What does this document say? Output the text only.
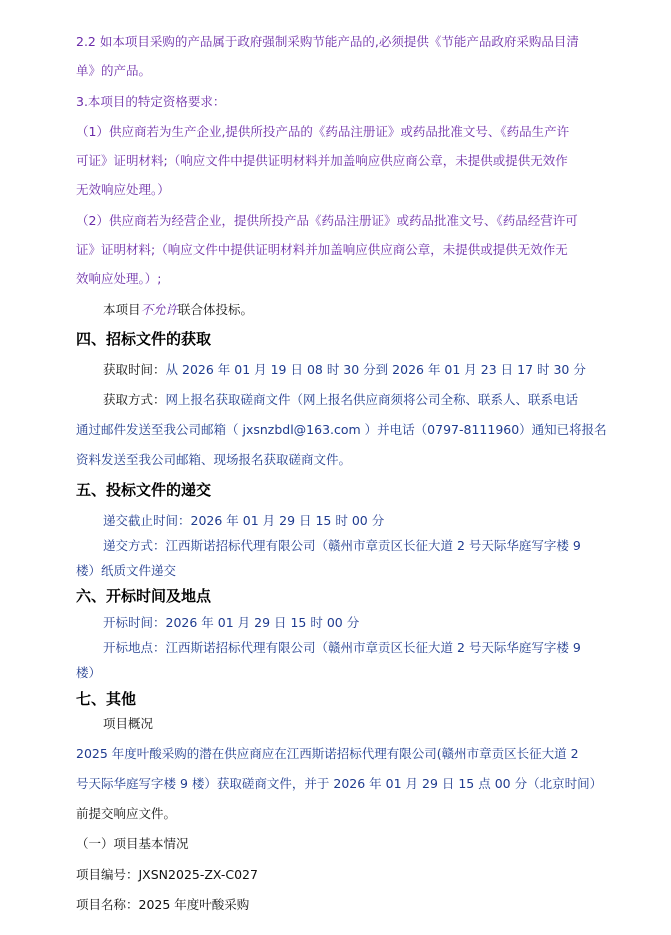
2.2 如本项目采购的产品属于政府强制采购节能产品的,必须提供《节能产品政府采购品目清
单》的产品。
3.本项目的特定资格要求：
（1）供应商若为生产企业,提供所投产品的《药品注册证》或药品批准文号、《药品生产许
可证》证明材料;（响应文件中提供证明材料并加盖响应供应商公章，未提供或提供无效作
无效响应处理。）
（2）供应商若为经营企业，提供所投产品《药品注册证》或药品批准文号、《药品经营许可
证》证明材料;（响应文件中提供证明材料并加盖响应供应商公章，未提供或提供无效作无
效响应处理。）;
本项目不允许联合体投标。
四、招标文件的获取
获取时间：从 2026 年 01 月 19 日 08 时 30 分到 2026 年 01 月 23 日 17 时 30 分
获取方式：网上报名获取磋商文件（网上报名供应商须将公司全称、联系人、联系电话
通过邮件发送至我公司邮箱（ jxsnzbdl@163.com ）并电话（0797-8111960）通知已将报名
资料发送至我公司邮箱、现场报名获取磋商文件。
五、投标文件的递交
递交截止时间：2026 年 01 月 29 日 15 时 00 分
递交方式：江西斯诺招标代理有限公司（赣州市章贡区长征大道 2 号天际华庭写字楼 9
楼）纸质文件递交
六、开标时间及地点
开标时间：2026 年 01 月 29 日 15 时 00 分
开标地点：江西斯诺招标代理有限公司（赣州市章贡区长征大道 2 号天际华庭写字楼 9
楼）
七、其他
项目概况
2025 年度叶酸采购的潜在供应商应在江西斯诺招标代理有限公司(赣州市章贡区长征大道 2
号天际华庭写字楼 9 楼）获取磋商文件，并于 2026 年 01 月 29 日 15 点 00 分（北京时间）
前提交响应文件。
（一）项目基本情况
项目编号：JXSN2025-ZX-C027
项目名称：2025 年度叶酸采购
